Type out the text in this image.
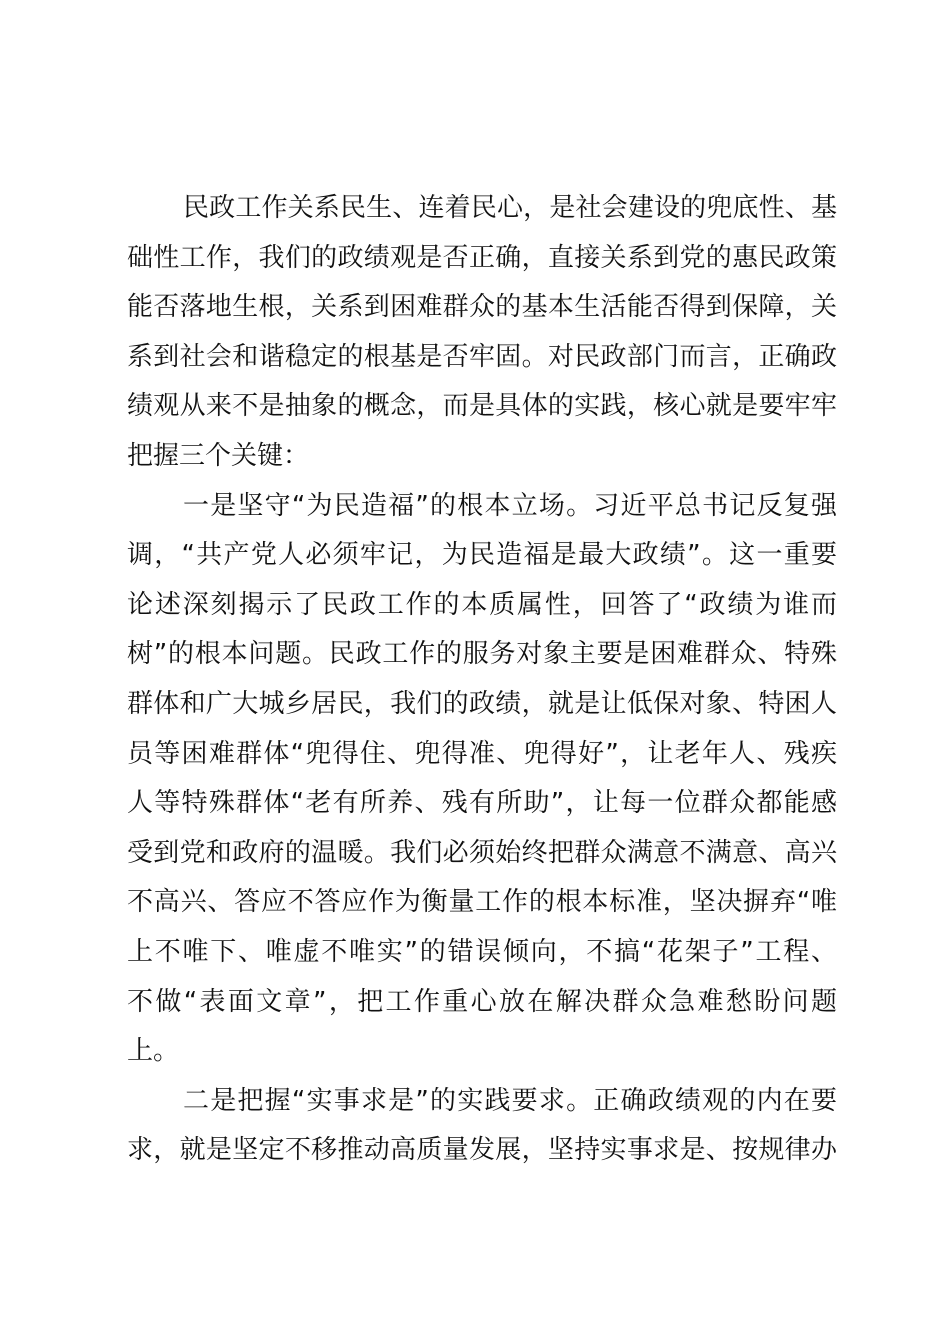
民政工作关系民生、连着民心，是社会建设的兜底性、基
础性工作，我们的政绩观是否正确，直接关系到党的惠民政策
能否落地生根，关系到困难群众的基本生活能否得到保障，关
系到社会和谐稳定的根基是否牢固。对民政部门而言，正确政
绩观从来不是抽象的概念，而是具体的实践，核心就是要牢牢
把握三个关键：
一是坚守“为民造福”的根本立场。习近平总书记反复强
调，“共产党人必须牢记，为民造福是最大政绩”。这一重要
论述深刻揭示了民政工作的本质属性，回答了“政绩为谁而
树”的根本问题。民政工作的服务对象主要是困难群众、特殊
群体和广大城乡居民，我们的政绩，就是让低保对象、特困人
员等困难群体“兜得住、兜得准、兜得好”，让老年人、残疾
人等特殊群体“老有所养、残有所助”，让每一位群众都能感
受到党和政府的温暖。我们必须始终把群众满意不满意、高兴
不高兴、答应不答应作为衡量工作的根本标准，坚决摒弃“唯
上不唯下、唯虚不唯实”的错误倾向，不搞“花架子”工程、
不做“表面文章”，把工作重心放在解决群众急难愁盼问题
上。
二是把握“实事求是”的实践要求。正确政绩观的内在要
求，就是坚定不移推动高质量发展，坚持实事求是、按规律办
